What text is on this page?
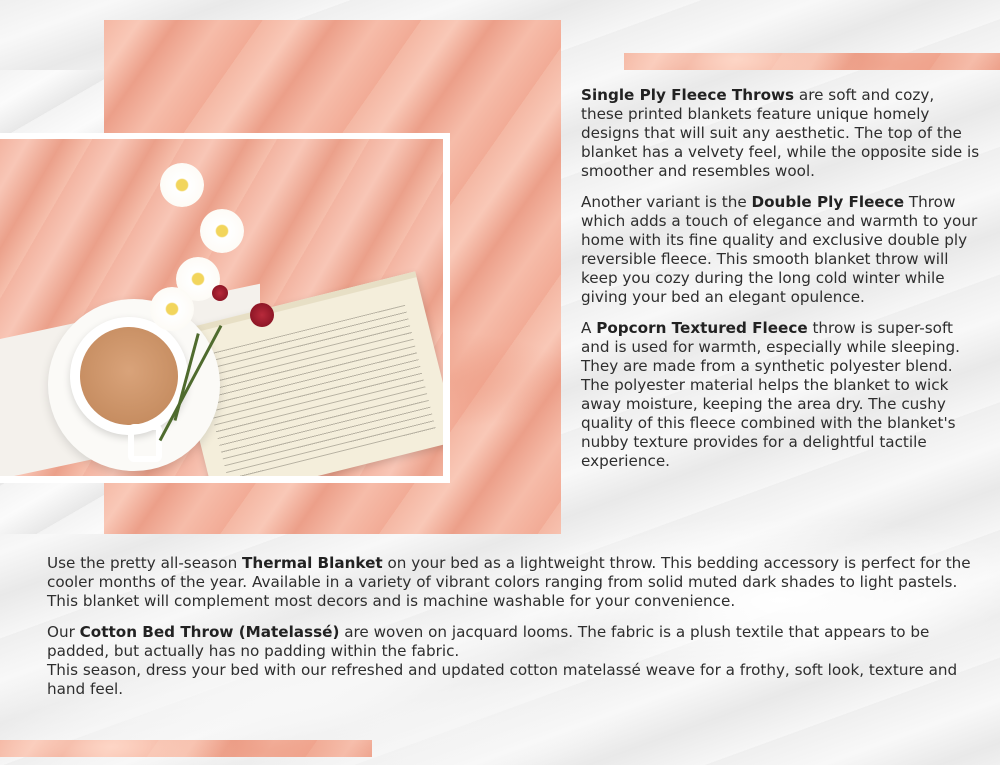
Single Ply Fleece Throws are soft and cozy, these printed blankets feature unique homely designs that will suit any aesthetic. The top of the blanket has a velvety feel, while the opposite side is smoother and resembles wool.

Another variant is the Double Ply Fleece Throw which adds a touch of elegance and warmth to your home with its fine quality and exclusive double ply reversible fleece. This smooth blanket throw will keep you cozy during the long cold winter while giving your bed an elegant opulence.

A Popcorn Textured Fleece throw is super-soft and is used for warmth, especially while sleeping. They are made from a synthetic polyester blend. The polyester material helps the blanket to wick away moisture, keeping the area dry. The cushy quality of this fleece combined with the blanket's nubby texture provides for a delightful tactile experience.

Use the pretty all-season Thermal Blanket on your bed as a lightweight throw. This bedding accessory is perfect for the cooler months of the year. Available in a variety of vibrant colors ranging from solid muted dark shades to light pastels. This blanket will complement most decors and is machine washable for your convenience.

Our Cotton Bed Throw (Matelassé) are woven on jacquard looms. The fabric is a plush textile that appears to be padded, but actually has no padding within the fabric.
This season, dress your bed with our refreshed and updated cotton matelassé weave for a frothy, soft look, texture and hand feel.
